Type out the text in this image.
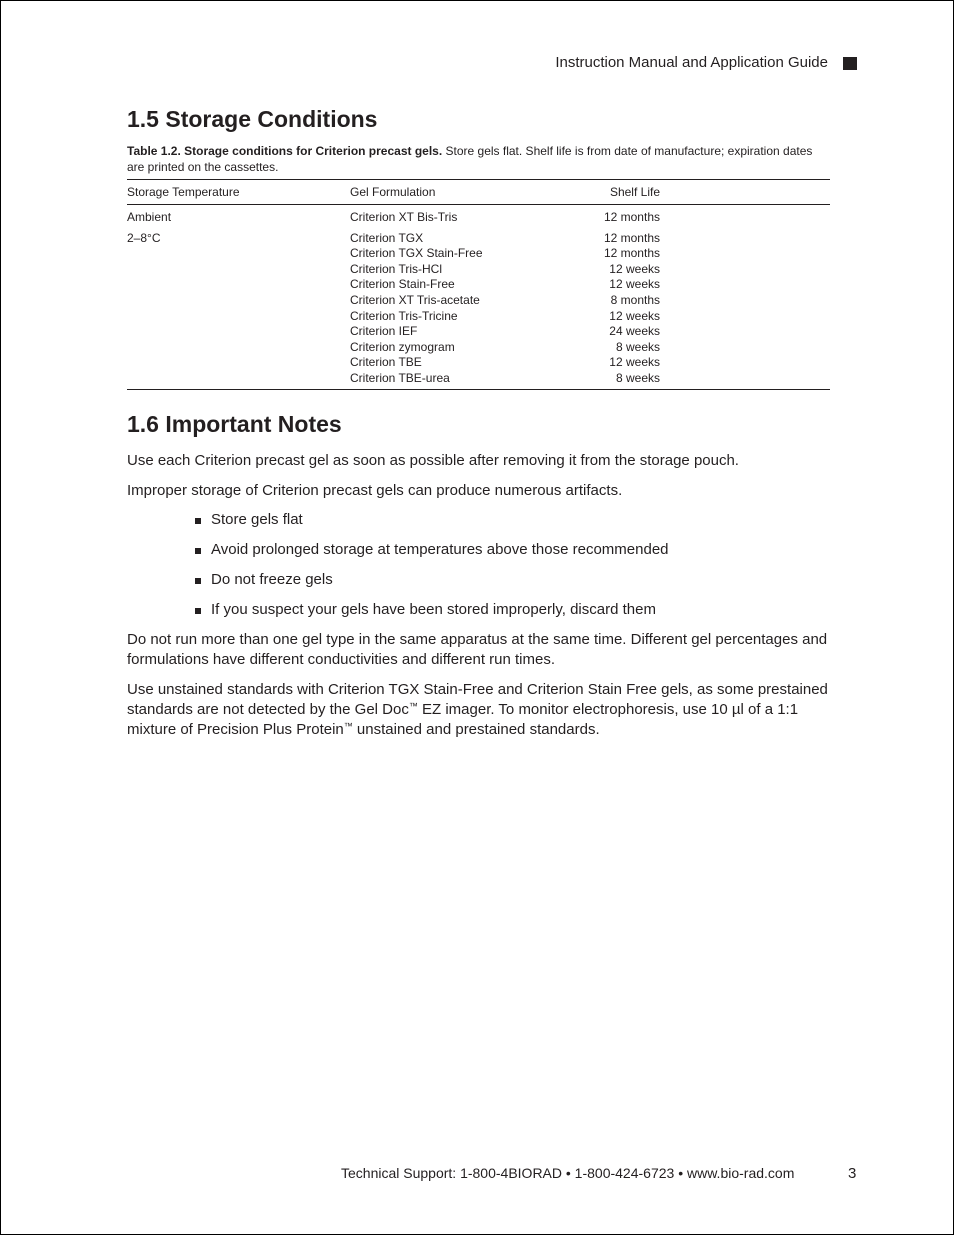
Instruction Manual and Application Guide
1.5 Storage Conditions
Table 1.2. Storage conditions for Criterion precast gels. Store gels flat. Shelf life is from date of manufacture; expiration dates are printed on the cassettes.
Storage Temperature	Gel Formulation	Shelf Life	
Ambient	Criterion XT Bis-Tris	12 months	
2–8°C	Criterion TGX	12 months	
	Criterion TGX Stain-Free	12 months	
	Criterion Tris-HCl	12 weeks	
	Criterion Stain-Free	12 weeks	
	Criterion XT Tris-acetate	8 months	
	Criterion Tris-Tricine	12 weeks	
	Criterion IEF	24 weeks	
	Criterion zymogram	8 weeks	
	Criterion TBE	12 weeks	
	Criterion TBE-urea	8 weeks	
1.6 Important Notes

Use each Criterion precast gel as soon as possible after removing it from the storage pouch.

Improper storage of Criterion precast gels can produce numerous artifacts.

Store gels flat
Avoid prolonged storage at temperatures above those recommended
Do not freeze gels
If you suspect your gels have been stored improperly, discard them

Do not run more than one gel type in the same apparatus at the same time. Different gel percentages and formulations have different conductivities and different run times.

Use unstained standards with Criterion TGX Stain-Free and Criterion Stain Free gels, as some prestained standards are not detected by the Gel Doc™ EZ imager. To monitor electrophoresis, use 10 µl of a 1:1 mixture of Precision Plus Protein™ unstained and prestained standards.

Technical Support: 1-800-4BIORAD • 1-800-424-6723 • www.bio-rad.com	3
